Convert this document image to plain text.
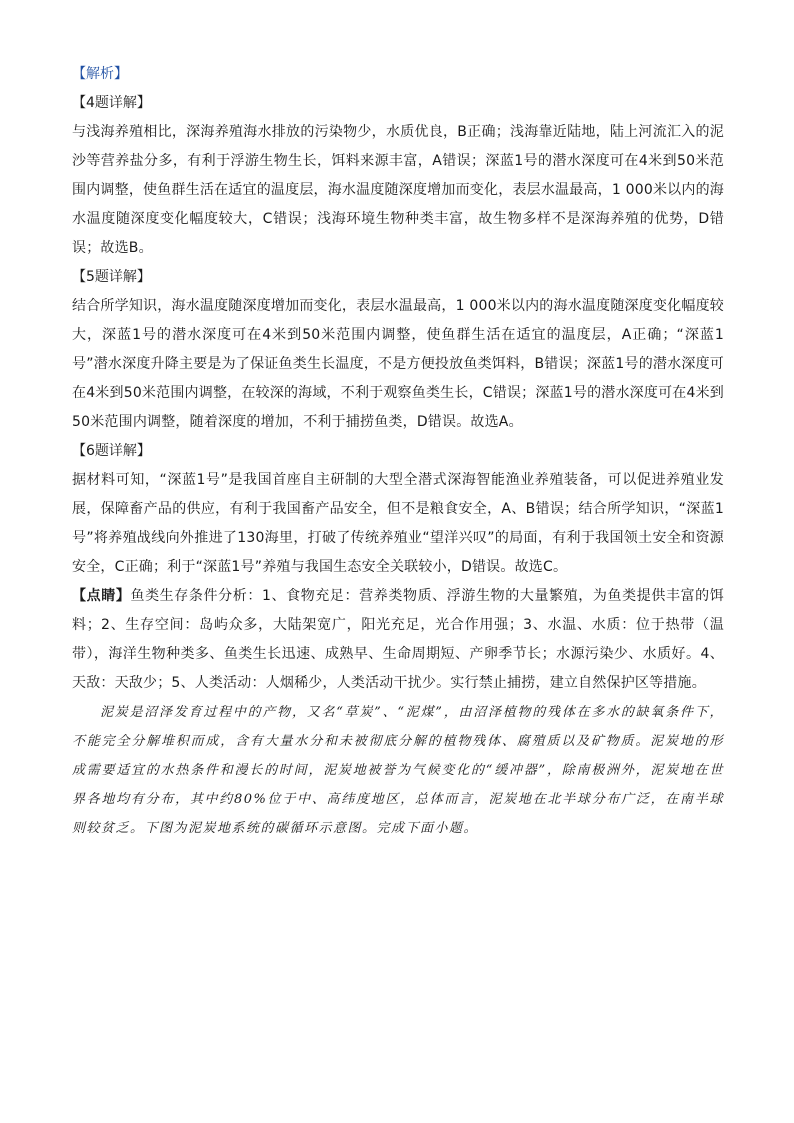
【解析】

【4题详解】

与浅海养殖相比，深海养殖海水排放的污染物少，水质优良，B正确；浅海靠近陆地，陆上河流汇入的泥沙等营养盐分多，有利于浮游生物生长，饵料来源丰富，A错误；深蓝1号的潜水深度可在4米到50米范围内调整，使鱼群生活在适宜的温度层，海水温度随深度增加而变化，表层水温最高，1 000米以内的海水温度随深度变化幅度较大，C错误；浅海环境生物种类丰富，故生物多样不是深海养殖的优势，D错误；故选B。

【5题详解】

结合所学知识，海水温度随深度增加而变化，表层水温最高，1 000米以内的海水温度随深度变化幅度较大，深蓝1号的潜水深度可在4米到50米范围内调整，使鱼群生活在适宜的温度层，A正确；“深蓝1号”潜水深度升降主要是为了保证鱼类生长温度，不是方便投放鱼类饵料，B错误；深蓝1号的潜水深度可在4米到50米范围内调整，在较深的海域，不利于观察鱼类生长，C错误；深蓝1号的潜水深度可在4米到50米范围内调整，随着深度的增加，不利于捕捞鱼类，D错误。故选A。

【6题详解】

据材料可知，“深蓝1号”是我国首座自主研制的大型全潜式深海智能渔业养殖装备，可以促进养殖业发展，保障畜产品的供应，有利于我国畜产品安全，但不是粮食安全，A、B错误；结合所学知识，“深蓝1号”将养殖战线向外推进了130海里，打破了传统养殖业“望洋兴叹”的局面，有利于我国领土安全和资源安全，C正确；利于“深蓝1号”养殖与我国生态安全关联较小，D错误。故选C。

【点睛】鱼类生存条件分析：1、食物充足：营养类物质、浮游生物的大量繁殖，为鱼类提供丰富的饵料；2、生存空间：岛屿众多，大陆架宽广，阳光充足，光合作用强；3、水温、水质：位于热带（温带），海洋生物种类多、鱼类生长迅速、成熟早、生命周期短、产卵季节长；水源污染少、水质好。4、天敌：天敌少；5、人类活动：人烟稀少，人类活动干扰少。实行禁止捕捞，建立自然保护区等措施。

泥炭是沼泽发育过程中的产物，又名“草炭”、“泥煤”，由沼泽植物的残体在多水的缺氧条件下，不能完全分解堆积而成，含有大量水分和未被彻底分解的植物残体、腐殖质以及矿物质。泥炭地的形成需要适宜的水热条件和漫长的时间，泥炭地被誉为气候变化的“缓冲器”，除南极洲外，泥炭地在世界各地均有分布，其中约80%位于中、高纬度地区，总体而言，泥炭地在北半球分布广泛，在南半球则较贫乏。下图为泥炭地系统的碳循环示意图。完成下面小题。
